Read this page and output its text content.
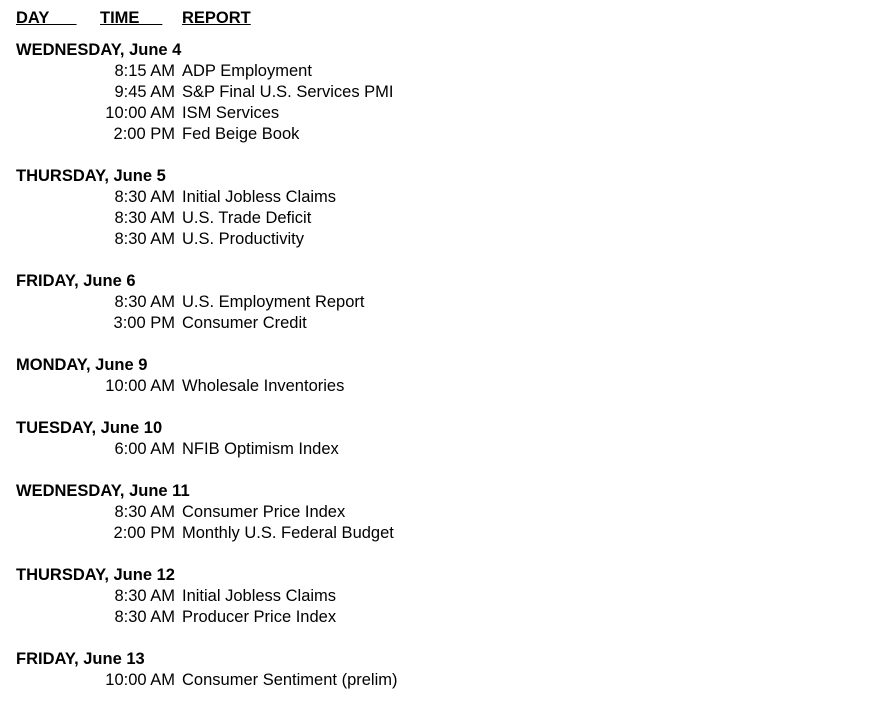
DAY TIME REPORT
WEDNESDAY, June 4
8:15 AM ADP Employment
9:45 AM S&P Final U.S. Services PMI
10:00 AM ISM Services
2:00 PM Fed Beige Book
THURSDAY, June 5
8:30 AM Initial Jobless Claims
8:30 AM U.S. Trade Deficit
8:30 AM U.S. Productivity
FRIDAY, June 6
8:30 AM U.S. Employment Report
3:00 PM Consumer Credit
MONDAY, June 9
10:00 AM Wholesale Inventories
TUESDAY, June 10
6:00 AM NFIB Optimism Index
WEDNESDAY, June 11
8:30 AM Consumer Price Index
2:00 PM Monthly U.S. Federal Budget
THURSDAY, June 12
8:30 AM Initial Jobless Claims
8:30 AM Producer Price Index
FRIDAY, June 13
10:00 AM Consumer Sentiment (prelim)
